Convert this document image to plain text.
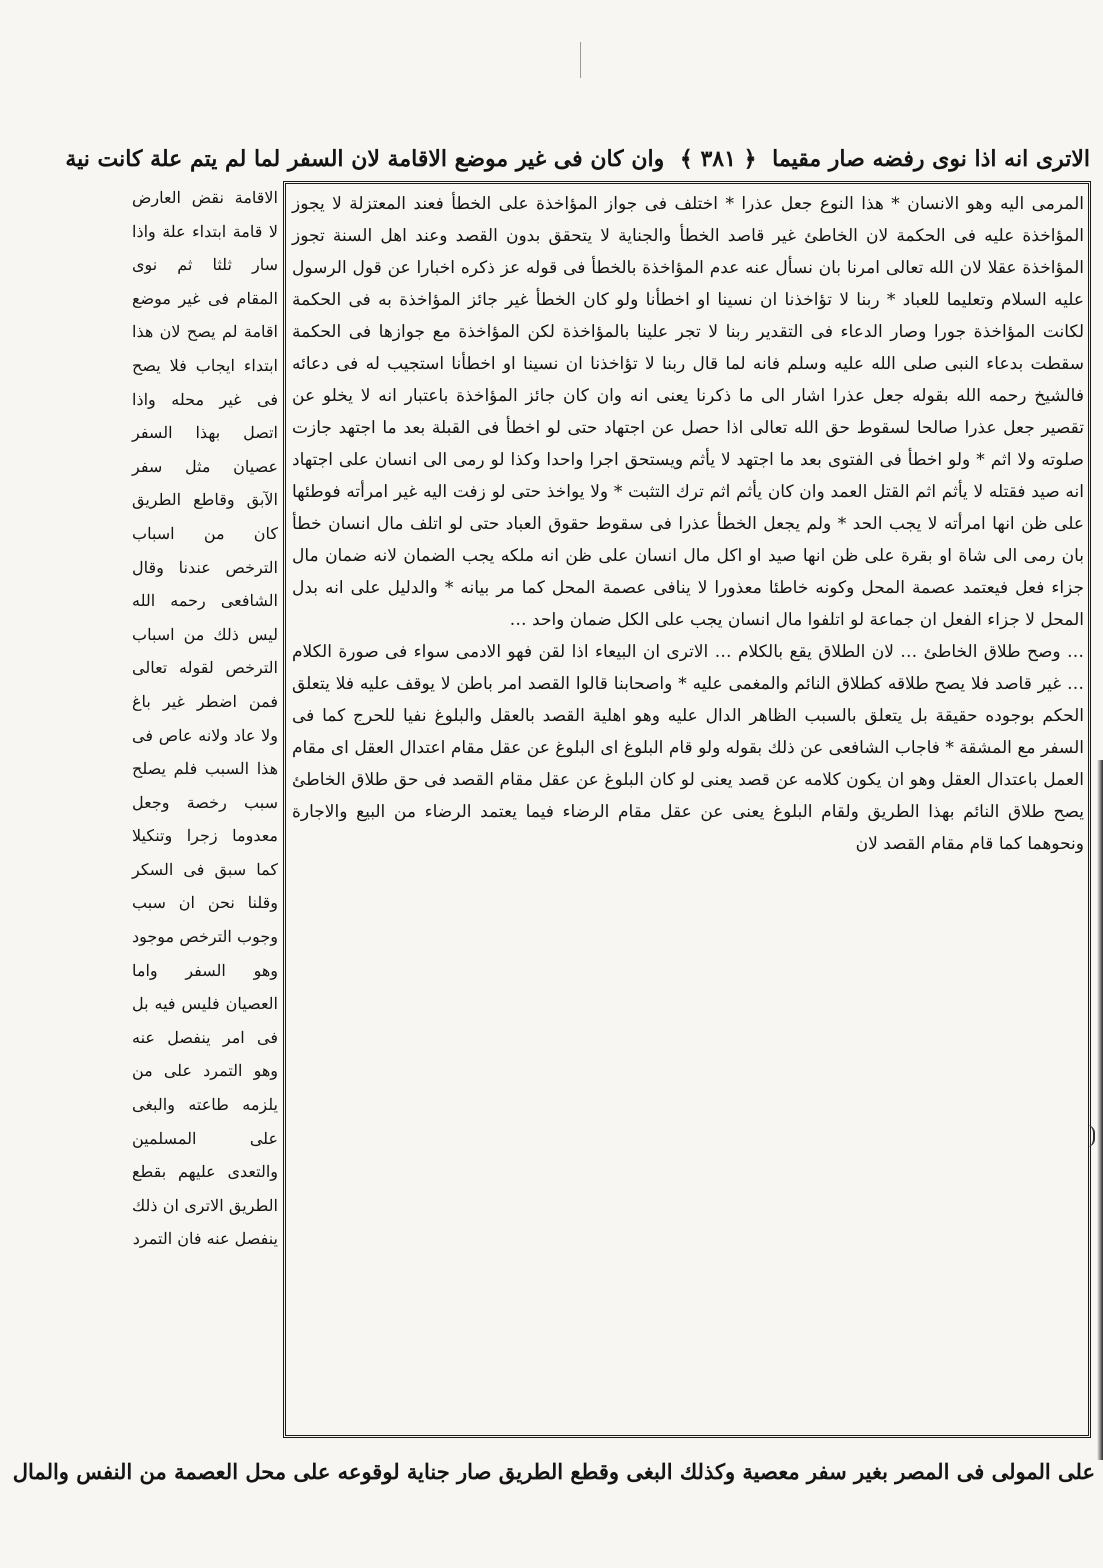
الاترى انه اذا نوى رفضه صار مقيما ﴿ ٣٨١ ﴾ وان كان فى غير موضع الاقامة لان السفر لما لم يتم علة كانت نية

المرمى اليه وهو الانسان * هذا النوع جعل عذرا * اختلف فى جواز المؤاخذة على الخطأ فعند المعتزلة لا يجوز المؤاخذة عليه فى الحكمة لان الخاطئ غير قاصد الخطأ والجناية لا يتحقق بدون القصد وعند اهل السنة تجوز المؤاخذة عقلا لان الله تعالى امرنا بان نسأل عنه عدم المؤاخذة بالخطأ فى قوله عز ذكره اخبارا عن قول الرسول عليه السلام وتعليما للعباد * ربنا لا تؤاخذنا ان نسينا او اخطأنا ولو كان الخطأ غير جائز المؤاخذة به فى الحكمة لكانت المؤاخذة جورا وصار الدعاء فى التقدير ربنا لا تجر علينا بالمؤاخذة لكن المؤاخذة مع جوازها فى الحكمة سقطت بدعاء النبى صلى الله عليه وسلم فانه لما قال ربنا لا تؤاخذنا ان نسينا او اخطأنا استجيب له فى دعائه فالشيخ رحمه الله بقوله جعل عذرا اشار الى ما ذكرنا يعنى انه وان كان جائز المؤاخذة باعتبار انه لا يخلو عن تقصير جعل عذرا صالحا لسقوط حق الله تعالى اذا حصل عن اجتهاد حتى لو اخطأ فى القبلة بعد ما اجتهد جازت صلوته ولا اثم * ولو اخطأ فى الفتوى بعد ما اجتهد لا يأثم ويستحق اجرا واحدا وكذا لو رمى الى انسان على اجتهاد انه صيد فقتله لا يأثم اثم القتل العمد وان كان يأثم اثم ترك التثبت * ولا يواخذ حتى لو زفت اليه غير امرأته فوطئها على ظن انها امرأته لا يجب الحد * ولم يجعل الخطأ عذرا فى سقوط حقوق العباد حتى لو اتلف مال انسان خطأ بان رمى الى شاة او بقرة على ظن انها صيد او اكل مال انسان على ظن انه ملكه يجب الضمان لانه ضمان مال جزاء فعل فيعتمد عصمة المحل وكونه خاطئا معذورا لا ينافى عصمة المحل كما مر بيانه * والدليل على انه بدل المحل لا جزاء الفعل ان جماعة لو اتلفوا مال انسان يجب على الكل ضمان واحد …

… وصح طلاق الخاطئ … لان الطلاق يقع بالكلام … الاترى ان البيعاء اذا لقن فهو الادمى سواء فى صورة الكلام … غير قاصد فلا يصح طلاقه كطلاق النائم والمغمى عليه * واصحابنا قالوا القصد امر باطن لا يوقف عليه فلا يتعلق الحكم بوجوده حقيقة بل يتعلق بالسبب الظاهر الدال عليه وهو اهلية القصد بالعقل والبلوغ نفيا للحرج كما فى السفر مع المشقة * فاجاب الشافعى عن ذلك بقوله ولو قام البلوغ اى البلوغ عن عقل مقام اعتدال العقل اى مقام العمل باعتدال العقل وهو ان يكون كلامه عن قصد يعنى لو كان البلوغ عن عقل مقام القصد فى حق طلاق الخاطئ يصح طلاق النائم بهذا الطريق ولقام البلوغ يعنى عن عقل مقام الرضاء فيما يعتمد الرضاء من البيع والاجارة ونحوهما كما قام مقام القصد لان

الاقامة نقض العارض لا قامة ابتداء علة واذا سار ثلثا ثم نوى المقام فى غير موضع اقامة لم يصح لان هذا ابتداء ايجاب فلا يصح فى غير محله واذا اتصل بهذا السفر عصيان مثل سفر الآبق وقاطع الطريق كان من اسباب الترخص عندنا وقال الشافعى رحمه الله ليس ذلك من اسباب الترخص لقوله تعالى فمن اضطر غير باغ ولا عاد ولانه عاص فى هذا السبب فلم يصلح سبب رخصة وجعل معدوما زجرا وتنكيلا كما سبق فى السكر وقلنا نحن ان سبب وجوب الترخص موجود وهو السفر واما العصيان فليس فيه بل فى امر ينفصل عنه وهو التمرد على من يلزمه طاعته والبغى على المسلمين والتعدى عليهم بقطع الطريق الاترى ان ذلك ينفصل عنه فان التمرد

على المولى فى المصر بغير سفر معصية وكذلك البغى وقطع الطريق صار جناية لوقوعه على محل العصمة من النفس والمال
